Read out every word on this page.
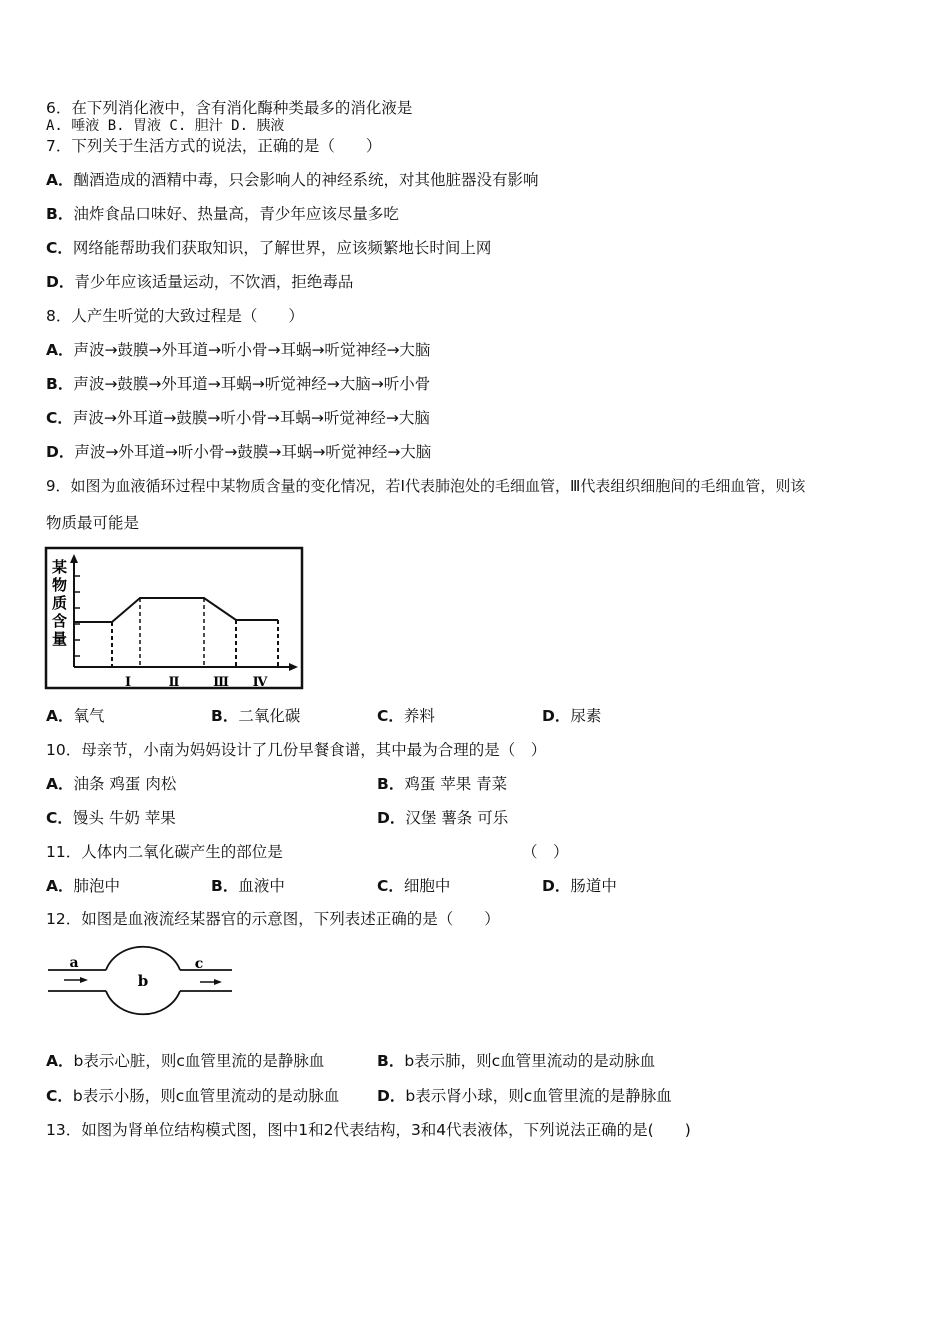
6．在下列消化液中，含有消化酶种类最多的消化液是
A. 唾液 B. 胃液 C. 胆汁 D. 胰液
7．下列关于生活方式的说法，正确的是（　　）
A．酗酒造成的酒精中毒，只会影响人的神经系统，对其他脏器没有影响
B．油炸食品口味好、热量高，青少年应该尽量多吃
C．网络能帮助我们获取知识，了解世界，应该频繁地长时间上网
D．青少年应该适量运动，不饮酒，拒绝毒品
8．人产生听觉的大致过程是（　　）
A．声波→鼓膜→外耳道→听小骨→耳蜗→听觉神经→大脑
B．声波→鼓膜→外耳道→耳蜗→听觉神经→大脑→听小骨
C．声波→外耳道→鼓膜→听小骨→耳蜗→听觉神经→大脑
D．声波→外耳道→听小骨→鼓膜→耳蜗→听觉神经→大脑
9．如图为血液循环过程中某物质含量的变化情况，若Ⅰ代表肺泡处的毛细血管，Ⅲ代表组织细胞间的毛细血管，则该
物质最可能是
某
物
质
含
量
Ⅰ	Ⅱ	Ⅲ Ⅳ
A．氧气	B．二氧化碳	C．养料	D．尿素
10．母亲节，小南为妈妈设计了几份早餐食谱，其中最为合理的是（　）
A．油条 鸡蛋 肉松	B．鸡蛋 苹果 青菜
C．馒头 牛奶 苹果	D．汉堡 薯条 可乐
11．人体内二氧化碳产生的部位是	（　）
A．肺泡中	B．血液中	C．细胞中	D．肠道中
12．如图是血液流经某器官的示意图，下列表述正确的是（　　）
a
b
c
A．b表示心脏，则c血管里流的是静脉血	B．b表示肺，则c血管里流动的是动脉血
C．b表示小肠，则c血管里流动的是动脉血 D．b表示肾小球，则c血管里流的是静脉血
13．如图为肾单位结构模式图，图中1和2代表结构，3和4代表液体，下列说法正确的是(　　)
